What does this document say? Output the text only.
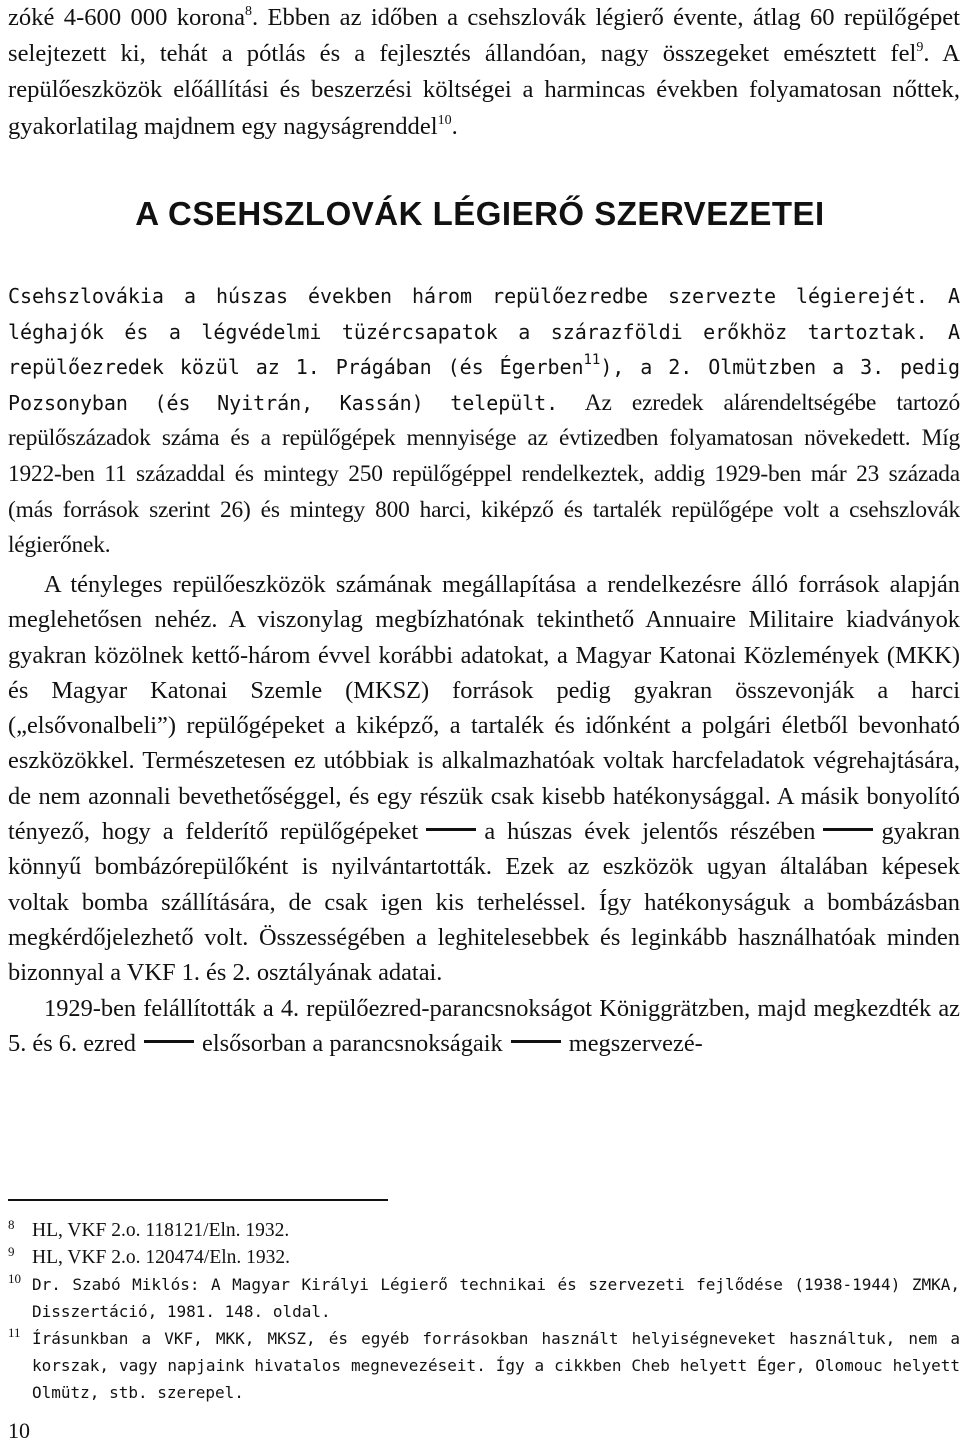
zóké 4-600 000 korona$^8$. Ebben az időben a csehszlovák légierő évente, átlag 60 repülőgépet selejtezett ki, tehát a pótlás és a fejlesztés állandóan, nagy összegeket emésztett fel$^9$. A repülőeszközök előállítási és beszerzési költségei a harmincas években folyamatosan nőttek, gyakorlatilag majdnem egy nagyságrenddel$^{10}$.

A CSEHSZLOVÁK LÉGIERŐ SZERVEZETEI

Csehszlovákia a húszas években három repülőezredbe szervezte légierejét. A léghajók és a légvédelmi tüzércsapatok a szárazföldi erőkhöz tartoztak. A repülőezredek közül az 1. Prágában (és Égerben$^{11}$), a 2. Olmützben a 3. pedig Pozsonyban (és Nyitrán, Kassán) települt. Az ezredek alárendeltségébe tartozó repülőszázadok száma és a repülőgépek mennyisége az évtizedben folyamatosan növekedett. Míg 1922-ben 11 századdal és mintegy 250 repülőgéppel rendelkeztek, addig 1929-ben már 23 százada (más források szerint 26) és mintegy 800 harci, kiképző és tartalék repülőgépe volt a csehszlovák légierőnek.

A tényleges repülőeszközök számának megállapítása a rendelkezésre álló források alapján meglehetősen nehéz. A viszonylag megbízhatónak tekinthető Annuaire Militaire kiadványok gyakran közölnek kettő-három évvel korábbi adatokat, a Magyar Katonai Közlemények (MKK) és Magyar Katonai Szemle (MKSZ) források pedig gyakran összevonják a harci („elsővonalbeli”) repülőgépeket a kiképző, a tartalék és időnként a polgári életből bevonható eszközökkel. Természetesen ez utóbbiak is alkalmazhatóak voltak harcfeladatok végrehajtására, de nem azonnali bevethetőséggel, és egy részük csak kisebb hatékonysággal. A másik bonyolító tényező, hogy a felderítő repülőgépeket	a húszas évek jelentős részében	gyakran könnyű bombázórepülőként is nyilvántartották. Ezek az eszközök ugyan általában képesek voltak bomba szállítására, de csak igen kis terheléssel. Így hatékonyságuk a bombázásban megkérdőjelezhető volt. Összességében a leghitelesebbek és leginkább használhatóak minden bizonnyal a VKF 1. és 2. osztályának adatai.

1929-ben felállították a 4. repülőezred-parancsnokságot Königgrätzben, majd megkezdték az 5. és 6. ezred	elsősorban a parancsnokságaik	megszervezé-

8 HL, VKF 2.o. 118121/Eln. 1932.

9 HL, VKF 2.o. 120474/Eln. 1932.

10 Dr. Szabó Miklós: A Magyar Királyi Légierő technikai és szervezeti fejlődése (1938-1944) ZMKA, Disszertáció, 1981. 148. oldal.

11 Írásunkban a VKF, MKK, MKSZ, és egyéb forrásokban használt helyiségneveket használtuk, nem a korszak, vagy napjaink hivatalos megnevezéseit. Így a cikkben Cheb helyett Éger, Olomouc helyett Olmütz, stb. szerepel.

10
